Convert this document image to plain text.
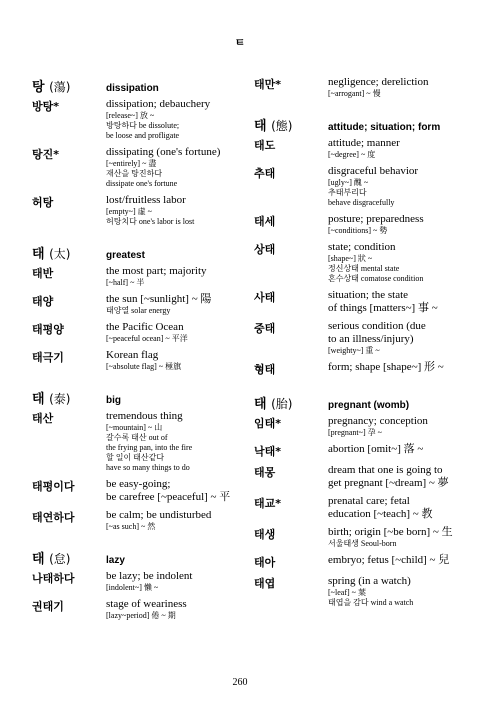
ㅌ
탕 (蕩)	dissipation
방탕*	dissipation; debauchery
[release~] 放 ~
방탕하다 be dissolute;
be loose and profligate
탕진*	dissipating (one's fortune)
[~entirely] ~ 盡
재산을 탕진하다
dissipate one's fortune
허탕	lost/fruitless labor
[empty~] 虛 ~
허탕치다 one's labor is lost
태 (太)	greatest
태반	the most part; majority
[~half] ~ 半
태양	the sun [~sunlight] ~ 陽
태양열 solar energy
태평양	the Pacific Ocean
[~peaceful ocean] ~ 平洋
태극기	Korean flag
[~absolute flag] ~ 極旗
태 (泰)	big
태산	tremendous thing
[~mountain] ~ 山
갈수록 태산 out of
the frying pan, into the fire
할 일이 태산같다
have so many things to do
태평이다	be easy-going;
be carefree [~peaceful] ~ 平
태연하다	be calm; be undisturbed
[~as such] ~ 然
태 (怠)	lazy
나태하다	be lazy; be indolent
[indolent~] 懶 ~
권태기	stage of weariness
[lazy~period] 倦 ~ 期
태만*	negligence; dereliction
[~arrogant] ~ 慢
태 (態)	attitude; situation; form
태도	attitude; manner
[~degree] ~ 度
추태	disgraceful behavior
[ugly~] 醜 ~
추태부리다
behave disgracefully
태세	posture; preparedness
[~conditions] ~ 勢
상태	state; condition
[shape~] 狀 ~
정신상태 mental state
혼수상태 comatose condition
사태	situation; the state
of things [matters~] 事 ~
중태	serious condition (due
to an illness/injury)
[weighty~] 重 ~
형태	form; shape [shape~] 形 ~
태 (胎)	pregnant (womb)
임태*	pregnancy; conception
[pregnant~] 孕 ~
낙태*	abortion [omit~] 落 ~
태몽	dream that one is going to
get pregnant [~dream] ~ 夢
태교*	prenatal care; fetal
education [~teach] ~ 教
태생	birth; origin [~be born] ~ 生
서울태생 Seoul-born
태아	embryo; fetus [~child] ~ 兒
태엽	spring (in a watch)
[~leaf] ~ 葉
태엽을 감다 wind a watch
260
